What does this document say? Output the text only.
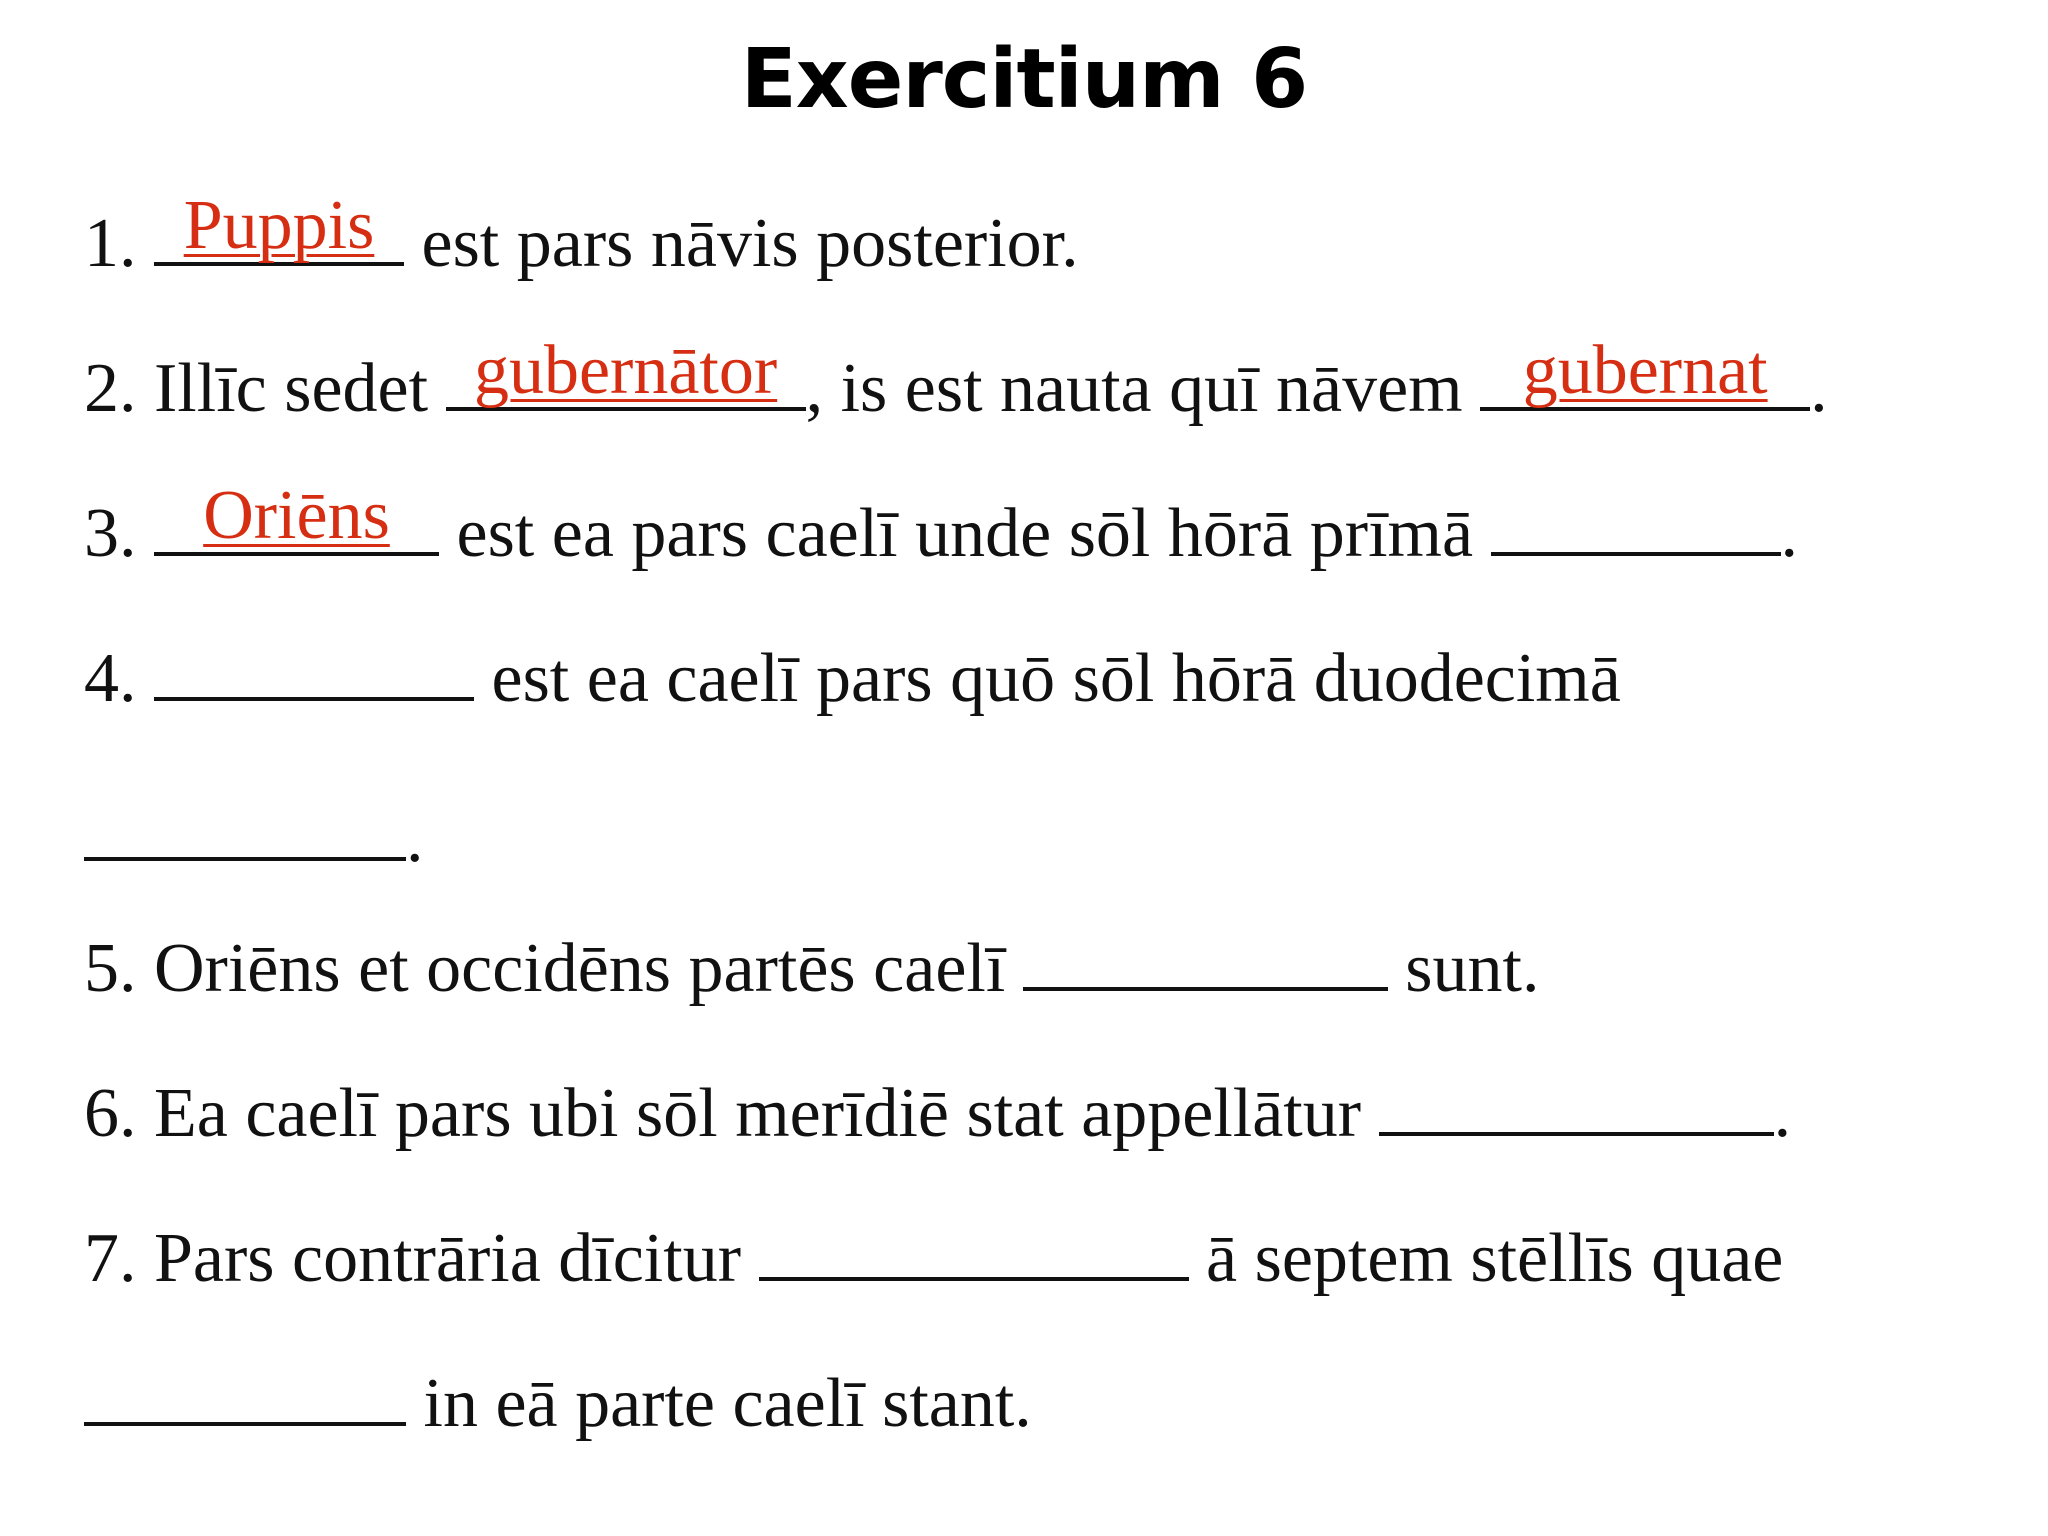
Exercitium 6
1. Puppis est pars nāvis posterior.
2. Illīc sedet gubernātor , is est nauta quī nāvem gubernat .
3. Oriēns est ea pars caelī unde sōl hōrā prīmā	.
4.	est ea caelī pars quō sōl hōrā duodecimā
.
5. Oriēns et occidēns partēs caelī	sunt.
6. Ea caelī pars ubi sōl merīdiē stat appellātur	.
7. Pars contrāria dīcitur	ā septem stēllīs quae
in eā parte caelī stant.
